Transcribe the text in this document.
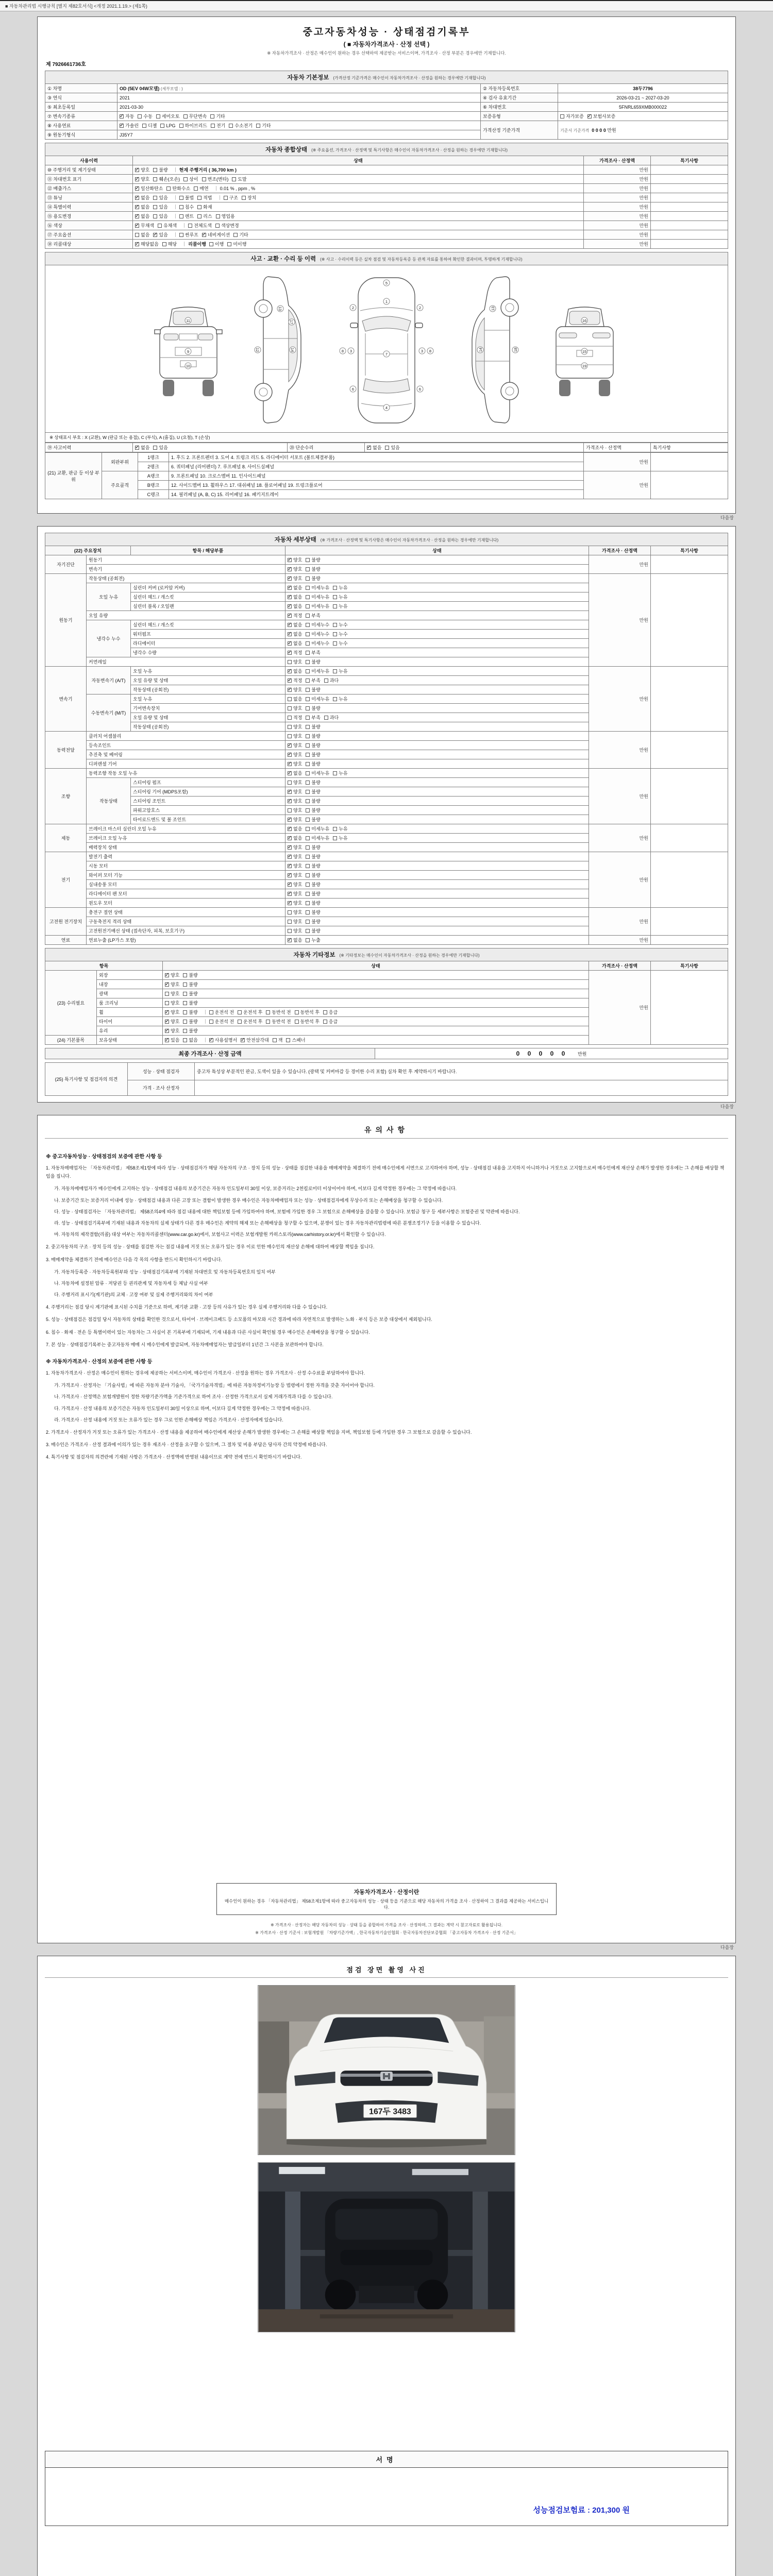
■ 자동차관리법 시행규칙 [별지 제82호서식] <개정 2021.1.19.> (제1쪽)
중고자동차성능 · 상태점검기록부
( ■ 자동차가격조사 · 산정 선택 )
※ 자동차가격조사 · 산정은 매수인이 원하는 경우 선택하여 제공받는 서비스이며, 가격조사 · 산정 부분은 경우에만 기재합니다.
제 7926661736호
자동차 기본정보 (가격산정 기준가격은 매수인이 자동차가격조사 · 산정을 원하는 경우에만 기재합니다)			
① 차명	OD (5EV 04W모델) (세부모델 : )	② 자동차등록번호	38두7796
③ 연식	2021	④ 검사 유효기간	2026-03-21 ~ 2027-03-20
⑤ 최초등록일	2021-03-30	⑥ 차대번호	5FNRL659XMB000022
⑦ 변속기종류	✓자동 수동 세미오토 무단변속 기타	보증유형	자가보증 ✓ 보험사보증
⑧ 사용연료	✓가솔린 디젤 LPG 하이브리드 전기 수소전기 기타	가격산정 기준가격	기준서 기준가격 0 0 0 0 만원
⑨ 원동기형식	J35Y7		
자동차 종합상태 (※ 주요옵션, 가격조사 · 산정액 및 특기사항은 매수인이 자동차가격조사 · 산정을 원하는 경우에만 기재합니다)			
사용이력	상태	가격조사 · 산정액	특기사항
⑩ 주행거리 및 계기상태	✓양호 불량 현재 주행거리 ( 36,700 km )	만원	
⑪ 차대번호 표기	✓양호 훼손(오손) 상이 변조(변타) 도말	만원	
⑫ 배출가스	✓일산화탄소 탄화수소 매연 0.01 % , ppm , %	만원	
⑬ 튜닝	✓없음 있음 불법 적법 구조 장치	만원	
⑭ 특별이력	✓없음 있음 침수 화재	만원	
⑮ 용도변경	✓없음 있음 렌트 리스 영업용	만원	
⑯ 색상	✓무채색 유채색 전체도색 색상변경	만원	
⑰ 주요옵션	없음 ✓ 있음 썬루프 ✓ 네비게이션 기타	만원	
⑱ 리콜대상	✓해당없음 해당 리콜이행 이행 미이행	만원	
사고 · 교환 · 수리 등 이력 (※ 사고 · 수리이력 등은 실차 점검 및 자동차등록증 등 관계 자료를 통하여 확인한 결과이며, 투명하게 기재합니다)
11
9
10
14
17
13
12
5
1
7
4
2	2
3	3
6	6
8	8	14
13
18
16
15
19
※ 상태표시 부호 : X (교환), W (판금 또는 용접), C (부식), A (흠집), U (요철), T (손상)
⑲ 사고이력	✓없음 있음	⑳ 단순수리	✓없음 있음	가격조사 · 산정액	특기사항
(21) 교환, 판금 등 이상 부위	외판부위	1랭크	1. 후드 2. 프론트펜더 3. 도어 4. 트렁크 리드 5. 라디에이터 서포트 (볼트체결부품)	만원	
		2랭크	6. 쿼터패널 (리어펜더) 7. 루프패널 8. 사이드실패널		
	주요골격	A랭크	9. 프론트패널 10. 크로스멤버 11. 인사이드패널	만원	
		B랭크	12. 사이드멤버 13. 휠하우스 17. 대쉬패널 18. 플로어패널 19. 트렁크플로어		
		C랭크	14. 필러패널 (A, B, C) 15. 리어패널 16. 패키지트레이		
다음장
자동차 세부상태 (※ 가격조사 · 산정액 및 특기사항은 매수인이 자동차가격조사 · 산정을 원하는 경우에만 기재합니다)					
(22) 주요장치		항목 / 해당부품	상태	가격조사 · 산정액	특기사항
자기진단	원동기	✓양호 불량	만원	
	변속기	✓양호 불량
원동기	작동상태 (공회전)	✓양호 불량	만원	
	오일 누유	실린더 커버 (로커암 커버)	✓없음 미세누유 누유
		실린더 헤드 / 개스킷	✓없음 미세누유 누유
		실린더 블록 / 오일팬	✓없음 미세누유 누유
	오일 유량	✓적정 부족
	냉각수 누수	실린더 헤드 / 개스킷	✓없음 미세누수 누수
		워터펌프	✓없음 미세누수 누수
		라디에이터	✓없음 미세누수 누수
		냉각수 수량	✓적정 부족
	커먼레일		양호 불량		
변속기	자동변속기 (A/T)	오일 누유	✓없음 미세누유 누유	만원	
		오일 유량 및 상태	✓적정 부족 과다
		작동상태 (공회전)	✓양호 불량
	수동변속기 (M/T)	오일 누유	없음 미세누유 누유		
		기어변속장치	양호 불량		
		오일 유량 및 상태	적정 부족 과다		
		작동상태 (공회전)	양호 불량		
동력전달	클러치 어셈블리		양호 불량	만원	
	등속조인트	✓양호 불량
	추진축 및 베어링	✓양호 불량
	디퍼렌셜 기어	✓양호 불량
조향	동력조향 작동 오일 누유	✓없음 미세누유 누유	만원	
	작동상태	스티어링 펌프	양호 불량		
		스티어링 기어 (MDPS포함)	✓양호 불량
		스티어링 조인트	✓양호 불량
		파워고압호스	양호 불량		
		타이로드엔드 및 볼 조인트	✓양호 불량
제동	브레이크 마스터 실린더 오일 누유	✓없음 미세누유 누유	만원	
	브레이크 오일 누유	✓없음 미세누유 누유
	배력장치 상태	✓양호 불량
전기	발전기 출력	✓양호 불량	만원	
	시동 모터	✓양호 불량
	와이퍼 모터 기능	✓양호 불량
	실내송풍 모터	✓양호 불량
	라디에이터 팬 모터	✓양호 불량
	윈도우 모터	✓양호 불량
고전원 전기장치	충전구 절연 상태		양호 불량	만원	
	구동축전지 격리 상태		양호 불량		
	고전원전기배선 상태 (접속단자, 피복, 보호기구)		양호 불량		
연료	연료누출 (LP가스 포함)	✓없음 누출	만원	
자동차 기타정보 (※ 기타정보는 매수인이 자동차가격조사 · 산정을 원하는 경우에만 기재합니다)				
항목		상태	가격조사 · 산정액	특기사항
(23) 수리필요	외장	✓양호 불량	만원	
	내장	✓양호 불량
	광택	양호 불량		
	룸 크리닝	양호 불량		
	휠	✓양호 불량 운전석 전 운전석 후 동반석 전 동반석 후 응급
	타이어	✓양호 불량 운전석 전 운전석 후 동반석 전 동반석 후 응급
	유리	✓양호 불량
(24) 기본품목	보유상태	✓있음 없음 ✓ 사용설명서 ✓ 안전삼각대 잭 스패너
최종 가격조사 · 산정 금액	0 0 0 0 0 만원
(25) 특기사항 및 점검자의 의견	성능 · 상태 점검자	중고차 특성상 부분적인 판금, 도색이 있을 수 있습니다. (광택 및 커버마감 등 경미한 수리 포함) 실차 확인 후 계약하시기 바랍니다.
	가격 · 조사 산정자	
다음장
유의사항
※ 중고자동차성능 · 상태점검의 보증에 관한 사항 등
1. 자동차매매업자는 「자동차관리법」 제58조제1항에 따라 성능 · 상태점검자가 해당 자동차의 구조 · 장치 등의 성능 · 상태를 점검한 내용을 매매계약을 체결하기 전에 매수인에게 서면으로 고지하여야 하며, 성능 · 상태점검 내용을 고지하지 아니하거나 거짓으로 고지함으로써 매수인에게 재산상 손해가 발생한 경우에는 그 손해를 배상할 책임을 집니다.
가. 자동차매매업자가 매수인에게 고지하는 성능 · 상태점검 내용의 보증기간은 자동차 인도일부터 30일 이상, 보증거리는 2천킬로미터 이상이어야 하며, 이보다 길게 약정한 경우에는 그 약정에 따릅니다.
나. 보증기간 또는 보증거리 이내에 성능 · 상태점검 내용과 다른 고장 또는 결함이 발생한 경우 매수인은 자동차매매업자 또는 성능 · 상태점검자에게 무상수리 또는 손해배상을 청구할 수 있습니다.
다. 성능 · 상태점검자는 「자동차관리법」 제58조의4에 따라 점검 내용에 대한 책임보험 등에 가입하여야 하며, 보험에 가입한 경우 그 보험으로 손해배상을 갈음할 수 있습니다. 보험금 청구 등 세부사항은 보험증권 및 약관에 따릅니다.
라. 성능 · 상태점검기록부에 기재된 내용과 자동차의 실제 상태가 다른 경우 매수인은 계약의 해제 또는 손해배상을 청구할 수 있으며, 분쟁이 있는 경우 자동차관리법령에 따른 분쟁조정기구 등을 이용할 수 있습니다.
마. 자동차의 제작결함(리콜) 대상 여부는 자동차리콜센터(www.car.go.kr)에서, 보험사고 이력은 보험개발원 카히스토리(www.carhistory.or.kr)에서 확인할 수 있습니다.
2. 중고자동차의 구조 · 장치 등의 성능 · 상태를 점검한 자는 점검 내용에 거짓 또는 오류가 있는 경우 이로 인한 매수인의 재산상 손해에 대하여 배상할 책임을 집니다.
3. 매매계약을 체결하기 전에 매수인은 다음 각 목의 사항을 반드시 확인하시기 바랍니다.
가. 자동차등록증 · 자동차등록원부와 성능 · 상태점검기록부에 기재된 차대번호 및 자동차등록번호의 일치 여부
나. 자동차에 설정된 압류 · 저당권 등 권리관계 및 자동차세 등 체납 사실 여부
다. 주행거리 표시기(계기판)의 교체 · 고장 여부 및 실제 주행거리와의 차이 여부
4. 주행거리는 점검 당시 계기판에 표시된 수치를 기준으로 하며, 계기판 교환 · 고장 등의 사유가 있는 경우 실제 주행거리와 다를 수 있습니다.
5. 성능 · 상태점검은 점검일 당시 자동차의 상태를 확인한 것으로서, 타이어 · 브레이크패드 등 소모품의 마모와 시간 경과에 따라 자연적으로 발생하는 노화 · 부식 등은 보증 대상에서 제외됩니다.
6. 침수 · 화재 · 전손 등 특별이력이 있는 자동차는 그 사실이 본 기록부에 기재되며, 기재 내용과 다른 사실이 확인될 경우 매수인은 손해배상을 청구할 수 있습니다.
7. 본 성능 · 상태점검기록부는 중고자동차 매매 시 매수인에게 발급되며, 자동차매매업자는 발급일부터 1년간 그 사본을 보관하여야 합니다.
※ 자동차가격조사 · 산정의 보증에 관한 사항 등
1. 자동차가격조사 · 산정은 매수인이 원하는 경우에 제공하는 서비스이며, 매수인이 가격조사 · 산정을 원하는 경우 가격조사 · 산정 수수료를 부담하여야 합니다.
가. 가격조사 · 산정자는 「기술사법」에 따른 자동차 분야 기술사, 「국가기술자격법」에 따른 자동차정비기능장 등 법령에서 정한 자격을 갖춘 자이어야 합니다.
나. 가격조사 · 산정액은 보험개발원이 정한 차량기준가액을 기준가격으로 하여 조사 · 산정한 가격으로서 실제 거래가격과 다를 수 있습니다.
다. 가격조사 · 산정 내용의 보증기간은 자동차 인도일부터 30일 이상으로 하며, 이보다 길게 약정한 경우에는 그 약정에 따릅니다.
라. 가격조사 · 산정 내용에 거짓 또는 오류가 있는 경우 그로 인한 손해배상 책임은 가격조사 · 산정자에게 있습니다.
2. 가격조사 · 산정자가 거짓 또는 오류가 있는 가격조사 · 산정 내용을 제공하여 매수인에게 재산상 손해가 발생한 경우에는 그 손해를 배상할 책임을 지며, 책임보험 등에 가입한 경우 그 보험으로 갈음할 수 있습니다.
3. 매수인은 가격조사 · 산정 결과에 이의가 있는 경우 재조사 · 산정을 요구할 수 있으며, 그 절차 및 비용 부담은 당사자 간의 약정에 따릅니다.
4. 특기사항 및 점검자의 의견란에 기재된 사항은 가격조사 · 산정액에 반영된 내용이므로 계약 전에 반드시 확인하시기 바랍니다.
자동차가격조사 · 산정이란
매수인이 원하는 경우 「자동차관리법」 제58조제1항에 따라 중고자동차의 성능 · 상태 등을 기준으로 해당 자동차의 가격을 조사 · 산정하여 그 결과를 제공하는 서비스입니다.
※ 가격조사 · 산정자는 해당 자동차의 성능 · 상태 등을 종합하여 가격을 조사 · 산정하며, 그 결과는 계약 시 참고자료로 활용됩니다.
※ 가격조사 · 산정 기준서 : 보험개발원 「차량기준가액」, 한국자동차기술인협회 · 한국자동차진단보증협회 「중고자동차 가격조사 · 산정 기준서」
다음장
점검 장면 촬영 사진
167두 3483
서명
성능점검보험료 : 201,300 원
